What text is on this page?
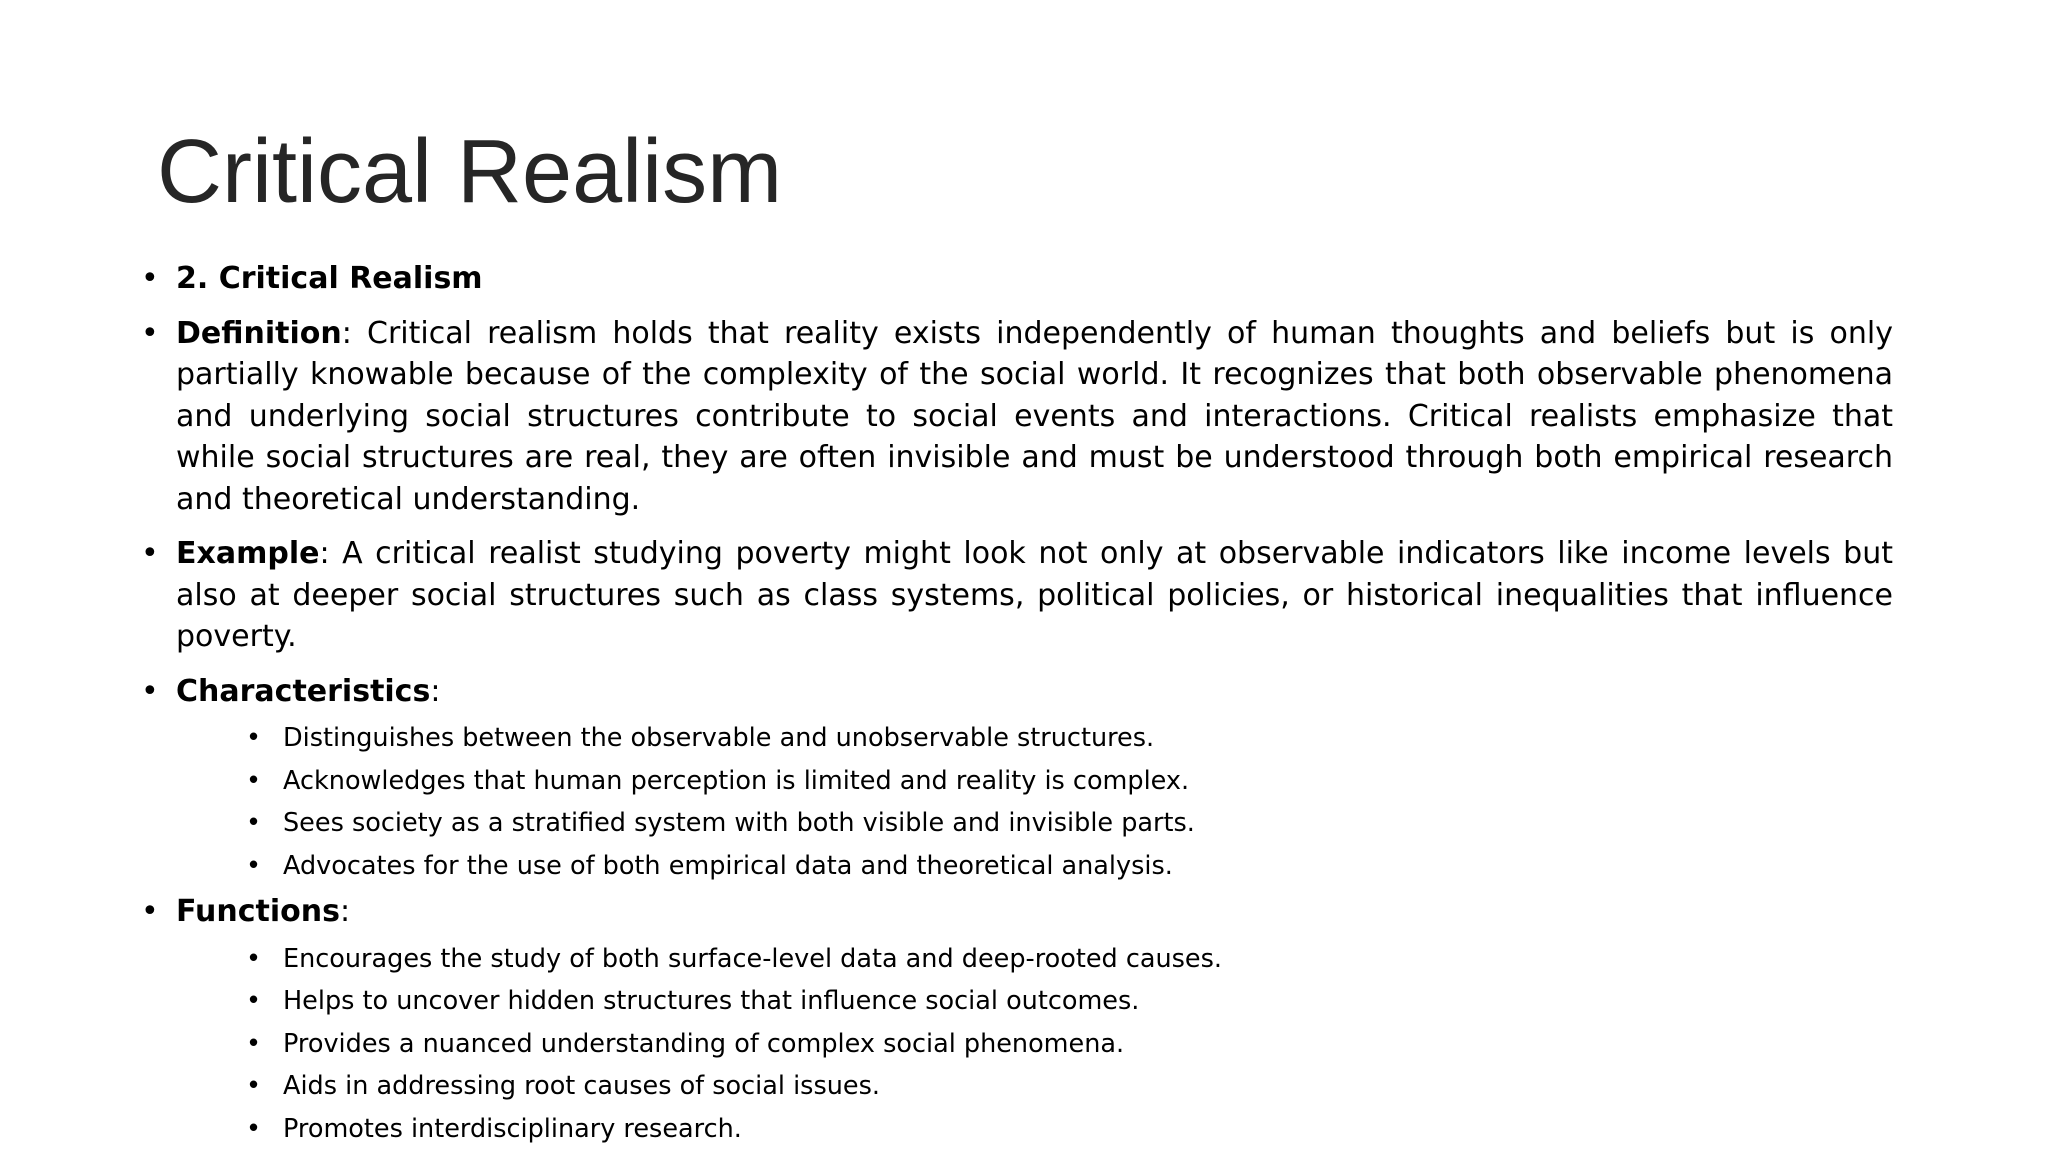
Critical Realism
• 2. Critical Realism
• Definition: Critical realism holds that reality exists independently of human thoughts and beliefs but is only partially knowable because of the complexity of the social world. It recognizes that both observable phenomena and underlying social structures contribute to social events and interactions. Critical realists emphasize that while social structures are real, they are often invisible and must be understood through both empirical research and theoretical understanding.
• Example: A critical realist studying poverty might look not only at observable indicators like income levels but also at deeper social structures such as class systems, political policies, or historical inequalities that influence poverty.
• Characteristics:
• Distinguishes between the observable and unobservable structures.
• Acknowledges that human perception is limited and reality is complex.
• Sees society as a stratified system with both visible and invisible parts.
• Advocates for the use of both empirical data and theoretical analysis.
• Functions:
• Encourages the study of both surface-level data and deep-rooted causes.
• Helps to uncover hidden structures that influence social outcomes.
• Provides a nuanced understanding of complex social phenomena.
• Aids in addressing root causes of social issues.
• Promotes interdisciplinary research.
